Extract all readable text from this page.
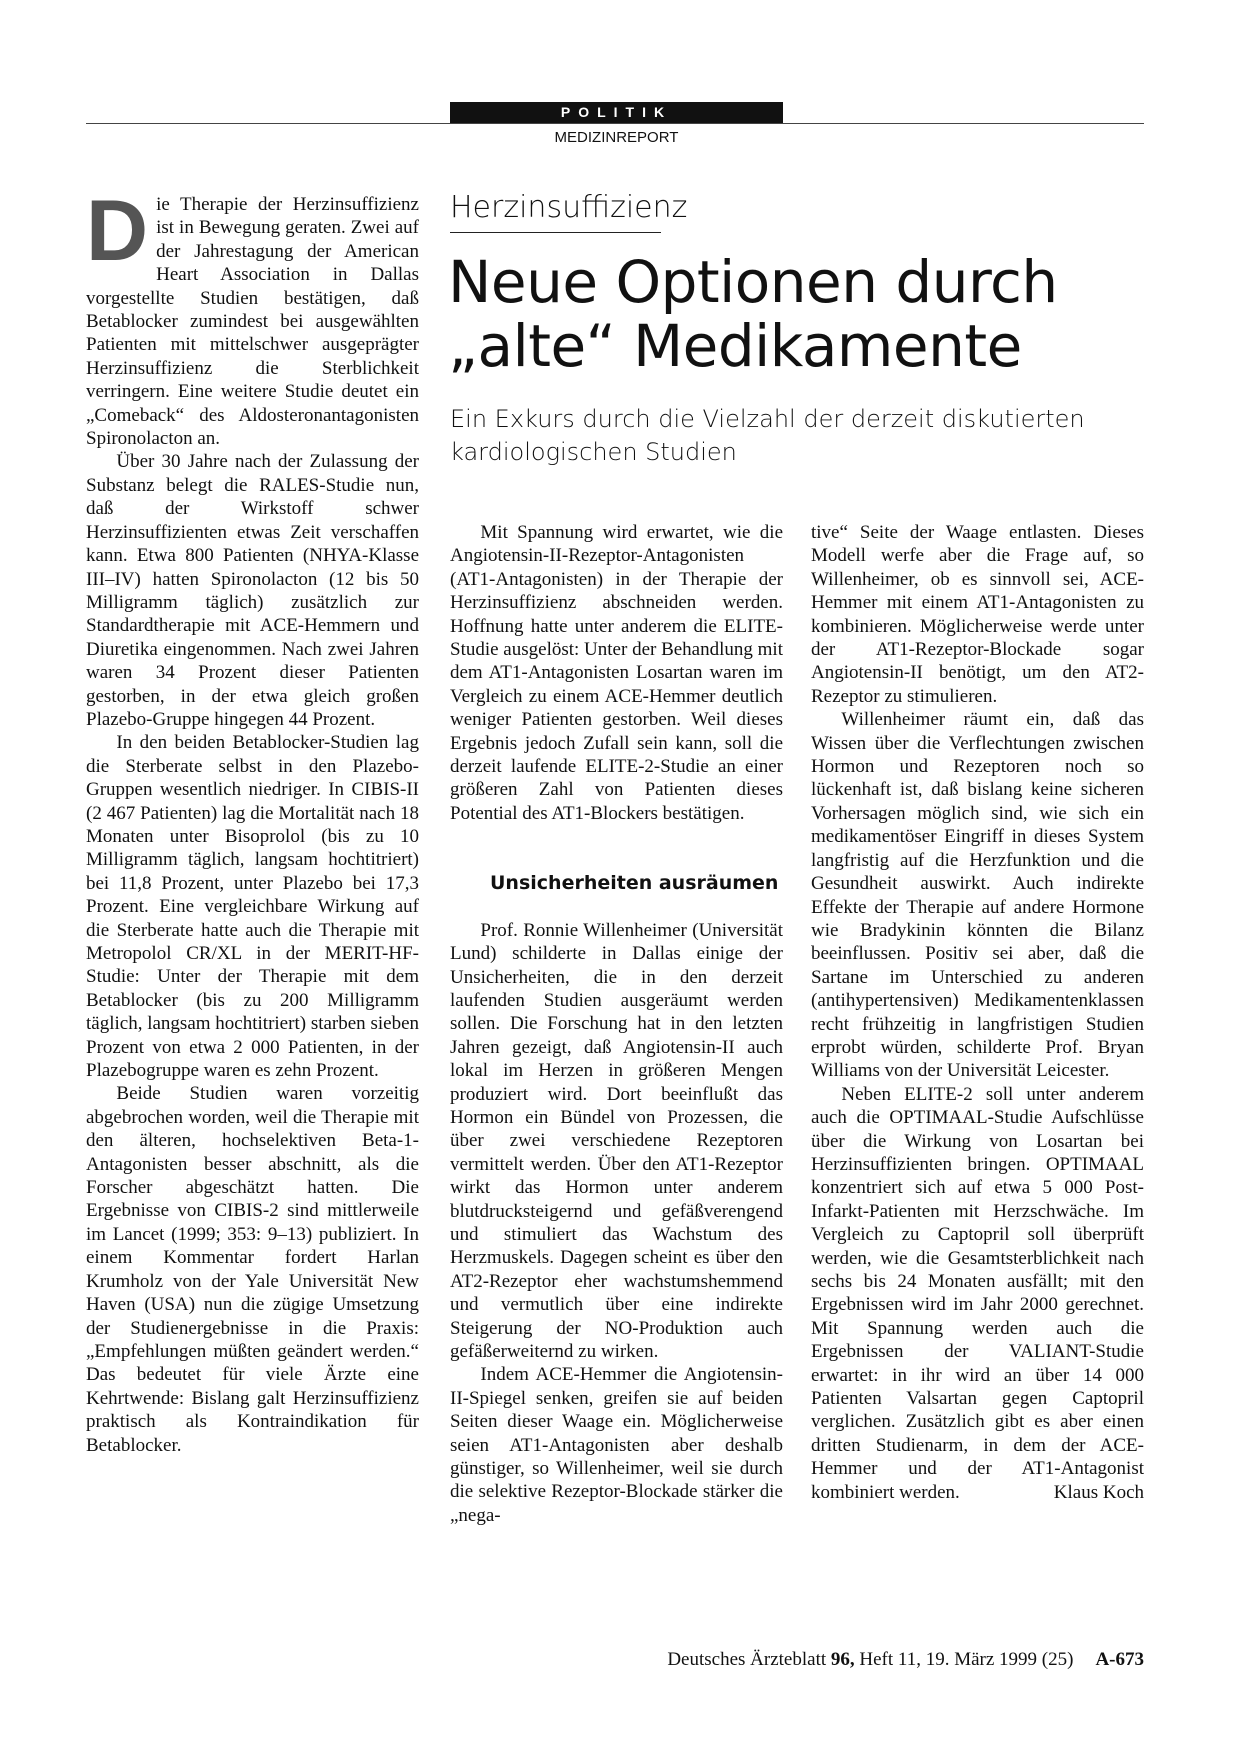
POLITIK
MEDIZINREPORT

Die Therapie der Herzinsuffizienz ist in Bewegung geraten. Zwei auf der Jahrestagung der American Heart Association in Dallas vorgestellte Studien bestätigen, daß Betablocker zumindest bei ausgewählten Patienten mit mittelschwer ausgeprägter Herzinsuffizienz die Sterblichkeit verringern. Eine weitere Studie deutet ein „Comeback“ des Aldosteronantagonisten Spironolacton an.

Über 30 Jahre nach der Zulassung der Substanz belegt die RALES-Studie nun, daß der Wirkstoff schwer Herzinsuffizienten etwas Zeit verschaffen kann. Etwa 800 Patienten (NHYA-Klasse III–IV) hatten Spironolacton (12 bis 50 Milligramm täglich) zusätzlich zur Standardtherapie mit ACE-Hemmern und Diuretika eingenommen. Nach zwei Jahren waren 34 Prozent dieser Patienten gestorben, in der etwa gleich großen Plazebo-Gruppe hingegen 44 Prozent.

In den beiden Betablocker-Studien lag die Sterberate selbst in den Plazebo-Gruppen wesentlich niedriger. In CIBIS-II (2 467 Patienten) lag die Mortalität nach 18 Monaten unter Bisoprolol (bis zu 10 Milligramm täglich, langsam hochtitriert) bei 11,8 Prozent, unter Plazebo bei 17,3 Prozent. Eine vergleichbare Wirkung auf die Sterberate hatte auch die Therapie mit Metropolol CR/XL in der MERIT-HF-Studie: Unter der Therapie mit dem Betablocker (bis zu 200 Milligramm täglich, langsam hochtitriert) starben sieben Prozent von etwa 2 000 Patienten, in der Plazebogruppe waren es zehn Prozent.

Beide Studien waren vorzeitig abgebrochen worden, weil die Therapie mit den älteren, hochselektiven Beta-1-Antagonisten besser abschnitt, als die Forscher abgeschätzt hatten. Die Ergebnisse von CIBIS-2 sind mittlerweile im Lancet (1999; 353: 9–13) publiziert. In einem Kommentar fordert Harlan Krumholz von der Yale Universität New Haven (USA) nun die zügige Umsetzung der Studienergebnisse in die Praxis: „Empfehlungen müßten geändert werden.“ Das bedeutet für viele Ärzte eine Kehrtwende: Bislang galt Herzinsuffizienz praktisch als Kontraindikation für Betablocker.

Herzinsuffizienz
Neue Optionen durch
„alte“ Medikamente
Ein Exkurs durch die Vielzahl der derzeit diskutierten kardiologischen Studien

Mit Spannung wird erwartet, wie die Angiotensin-II-Rezeptor-Antagonisten (AT1-Antagonisten) in der Therapie der Herzinsuffizienz abschneiden werden. Hoffnung hatte unter anderem die ELITE-Studie ausgelöst: Unter der Behandlung mit dem AT1-Antagonisten Losartan waren im Vergleich zu einem ACE-Hemmer deutlich weniger Patienten gestorben. Weil dieses Ergebnis jedoch Zufall sein kann, soll die derzeit laufende ELITE-2-Studie an einer größeren Zahl von Patienten dieses Potential des AT1-Blockers bestätigen.

Unsicherheiten ausräumen

Prof. Ronnie Willenheimer (Universität Lund) schilderte in Dallas einige der Unsicherheiten, die in den derzeit laufenden Studien ausgeräumt werden sollen. Die Forschung hat in den letzten Jahren gezeigt, daß Angiotensin-II auch lokal im Herzen in größeren Mengen produziert wird. Dort beeinflußt das Hormon ein Bündel von Prozessen, die über zwei verschiedene Rezeptoren vermittelt werden. Über den AT1-Rezeptor wirkt das Hormon unter anderem blutdrucksteigernd und gefäßverengend und stimuliert das Wachstum des Herzmuskels. Dagegen scheint es über den AT2-Rezeptor eher wachstumshemmend und vermutlich über eine indirekte Steigerung der NO-Produktion auch gefäßerweiternd zu wirken.

Indem ACE-Hemmer die Angiotensin-II-Spiegel senken, greifen sie auf beiden Seiten dieser Waage ein. Möglicherweise seien AT1-Antagonisten aber deshalb günstiger, so Willenheimer, weil sie durch die selektive Rezeptor-Blockade stärker die „nega-

tive“ Seite der Waage entlasten. Dieses Modell werfe aber die Frage auf, so Willenheimer, ob es sinnvoll sei, ACE-Hemmer mit einem AT1-Antagonisten zu kombinieren. Möglicherweise werde unter der AT1-Rezeptor-Blockade sogar Angiotensin-II benötigt, um den AT2-Rezeptor zu stimulieren.

Willenheimer räumt ein, daß das Wissen über die Verflechtungen zwischen Hormon und Rezeptoren noch so lückenhaft ist, daß bislang keine sicheren Vorhersagen möglich sind, wie sich ein medikamentöser Eingriff in dieses System langfristig auf die Herzfunktion und die Gesundheit auswirkt. Auch indirekte Effekte der Therapie auf andere Hormone wie Bradykinin könnten die Bilanz beeinflussen. Positiv sei aber, daß die Sartane im Unterschied zu anderen (antihypertensiven) Medikamentenklassen recht frühzeitig in langfristigen Studien erprobt würden, schilderte Prof. Bryan Williams von der Universität Leicester.

Neben ELITE-2 soll unter anderem auch die OPTIMAAL-Studie Aufschlüsse über die Wirkung von Losartan bei Herzinsuffizienten bringen. OPTIMAAL konzentriert sich auf etwa 5 000 Post-Infarkt-Patienten mit Herzschwäche. Im Vergleich zu Captopril soll überprüft werden, wie die Gesamtsterblichkeit nach sechs bis 24 Monaten ausfällt; mit den Ergebnissen wird im Jahr 2000 gerechnet. Mit Spannung werden auch die Ergebnissen der VALIANT-Studie erwartet: in ihr wird an über 14 000 Patienten Valsartan gegen Captopril verglichen. Zusätzlich gibt es aber einen dritten Studienarm, in dem der ACE-Hemmer und der AT1-Antagonist kombiniert werden.	Klaus Koch

Deutsches Ärzteblatt 96, Heft 11, 19. März 1999 (25) A-673
